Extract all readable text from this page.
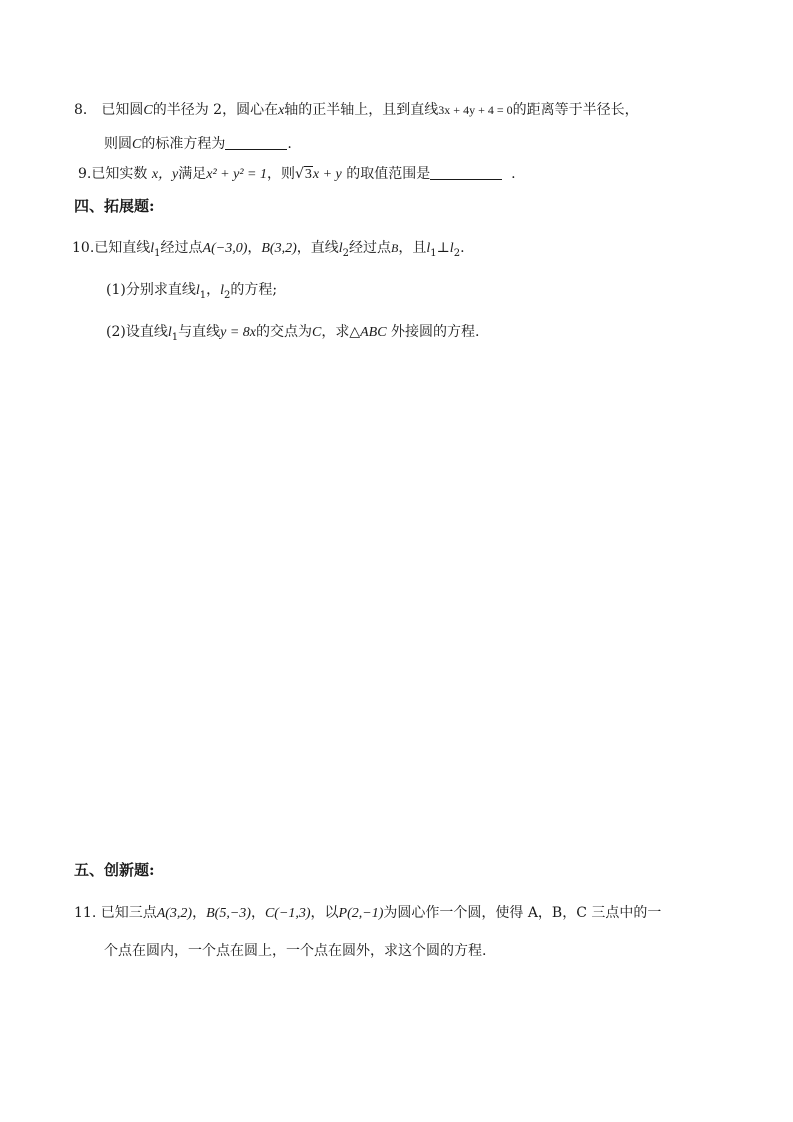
8． 已知圆C的半径为 2，圆心在x轴的正半轴上，且到直线3x + 4y + 4 = 0的距离等于半径长，
则圆C的标准方程为	.
9.已知实数 x，y满足x² + y² = 1，则√3x + y 的取值范围是	.
四、拓展题:
10.已知直线$l_1$经过点A(−3,0)，B(3,2)，直线$l_2$经过点B，且$l_1\perp l_2$.
(1)分别求直线$l_1$，$l_2$的方程;
(2)设直线$l_1$与直线y = 8x的交点为C，求△ABC 外接圆的方程.
五、创新题:
11. 已知三点A(3,2)，B(5,−3)，C(−1,3)，以P(2,−1)为圆心作一个圆，使得 A，B，C 三点中的一
个点在圆内，一个点在圆上，一个点在圆外，求这个圆的方程.
